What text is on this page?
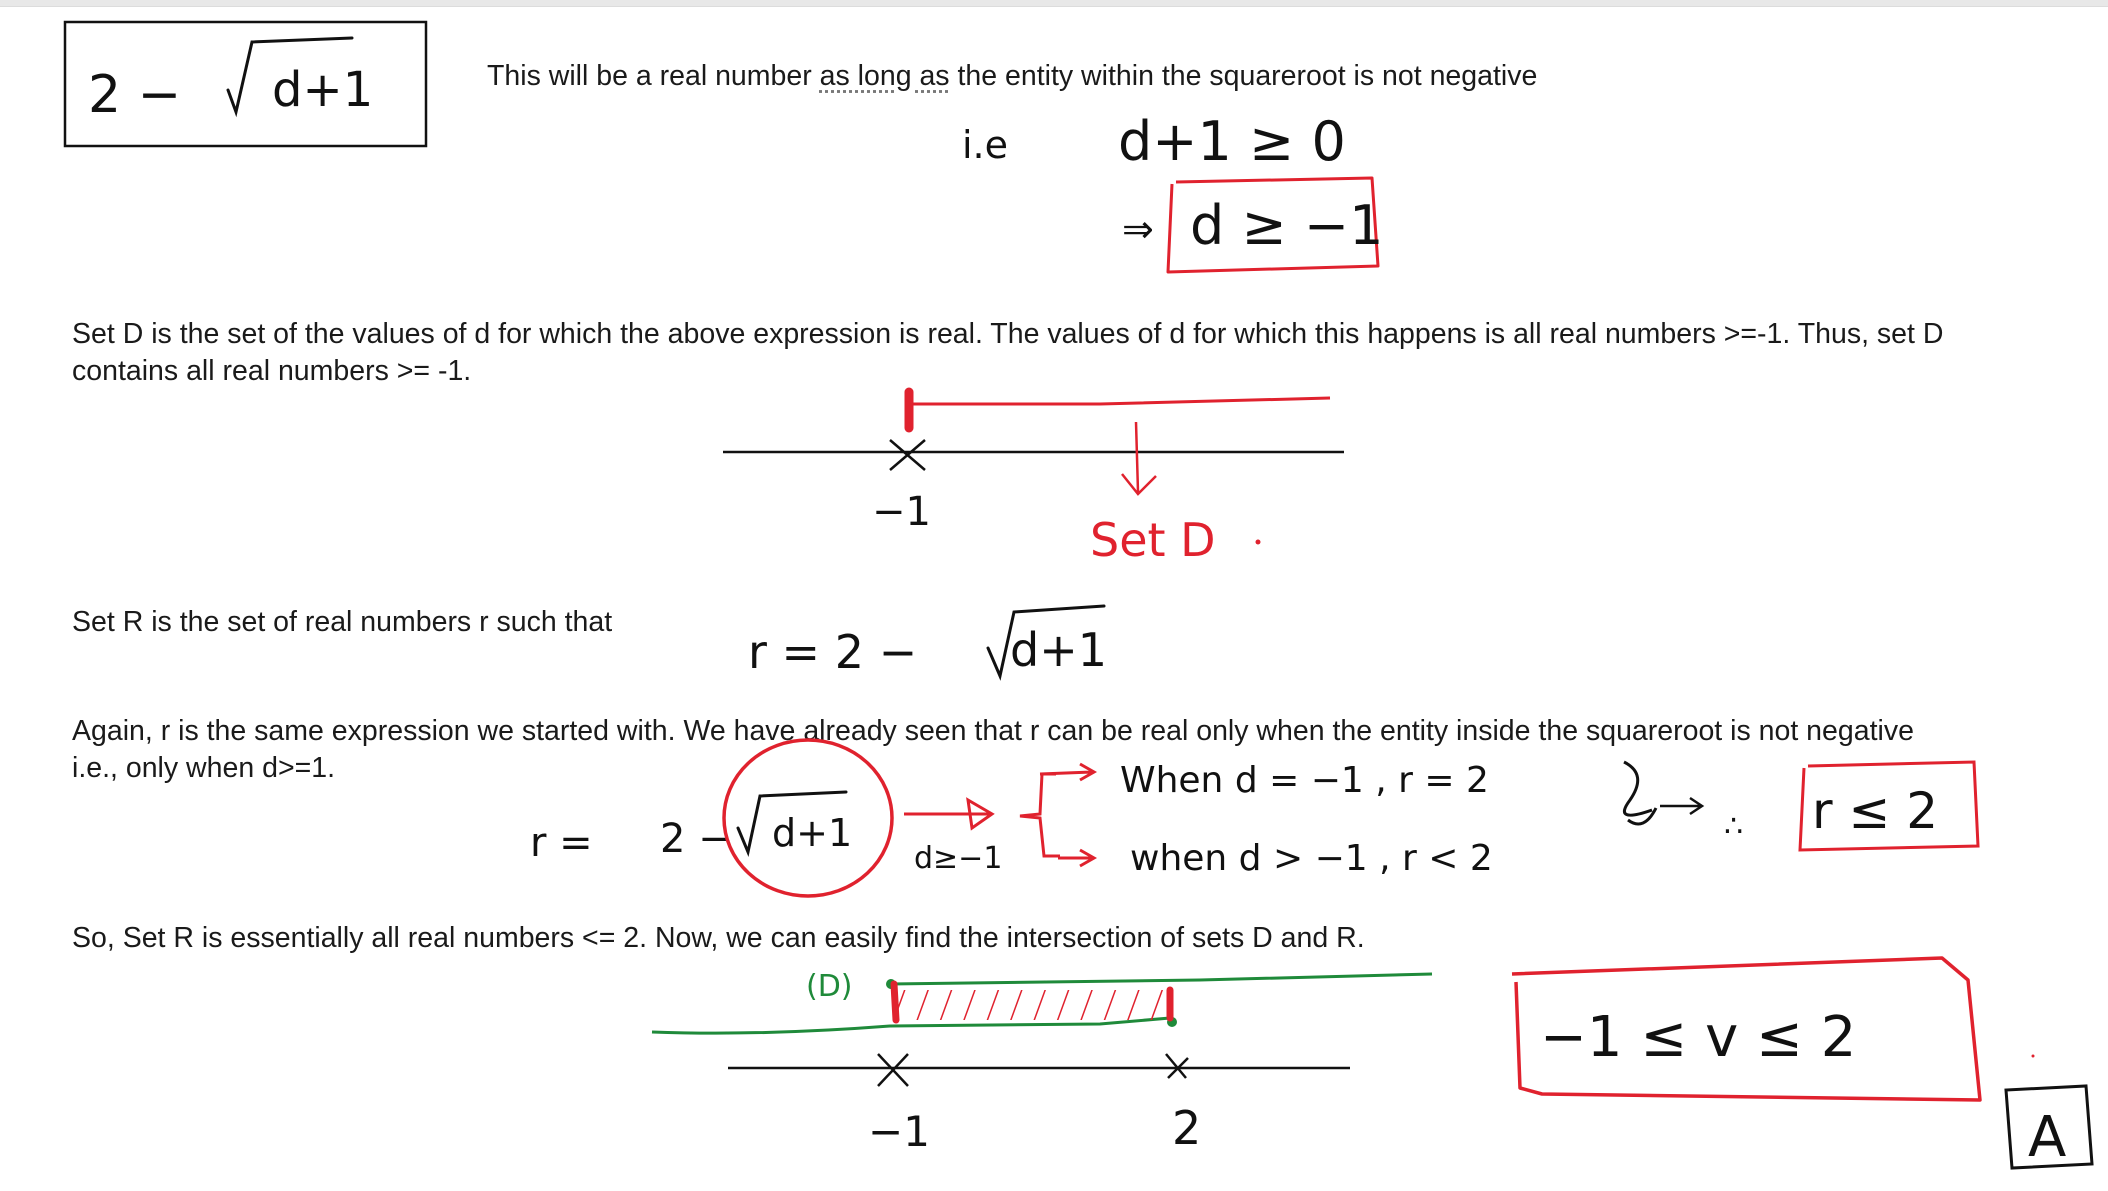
This will be a real number as long as the entity within the squareroot is not negative
Set D is the set of the values of d for which the above expression is real. The values of d for which this happens is all real numbers >=-1. Thus, set D
contains all real numbers >= -1.
Set R is the set of real numbers r such that
Again, r is the same expression we started with. We have already seen that r can be real only when the entity inside the squareroot is not negative
i.e., only when d>=1.
So, Set R is essentially all real numbers <= 2. Now, we can easily find the intersection of sets D and R.
2 − d+1
i.e d+1 ≥ 0
⇒ d ≥ −1
−1
Set D
r = 2 − d+1
r = 2 − d+1
d≥−1
When d = −1 , r = 2
when d > −1 , r < 2
∴ r ≤ 2
(D)
−1	2
−1 ≤ v ≤ 2
A
